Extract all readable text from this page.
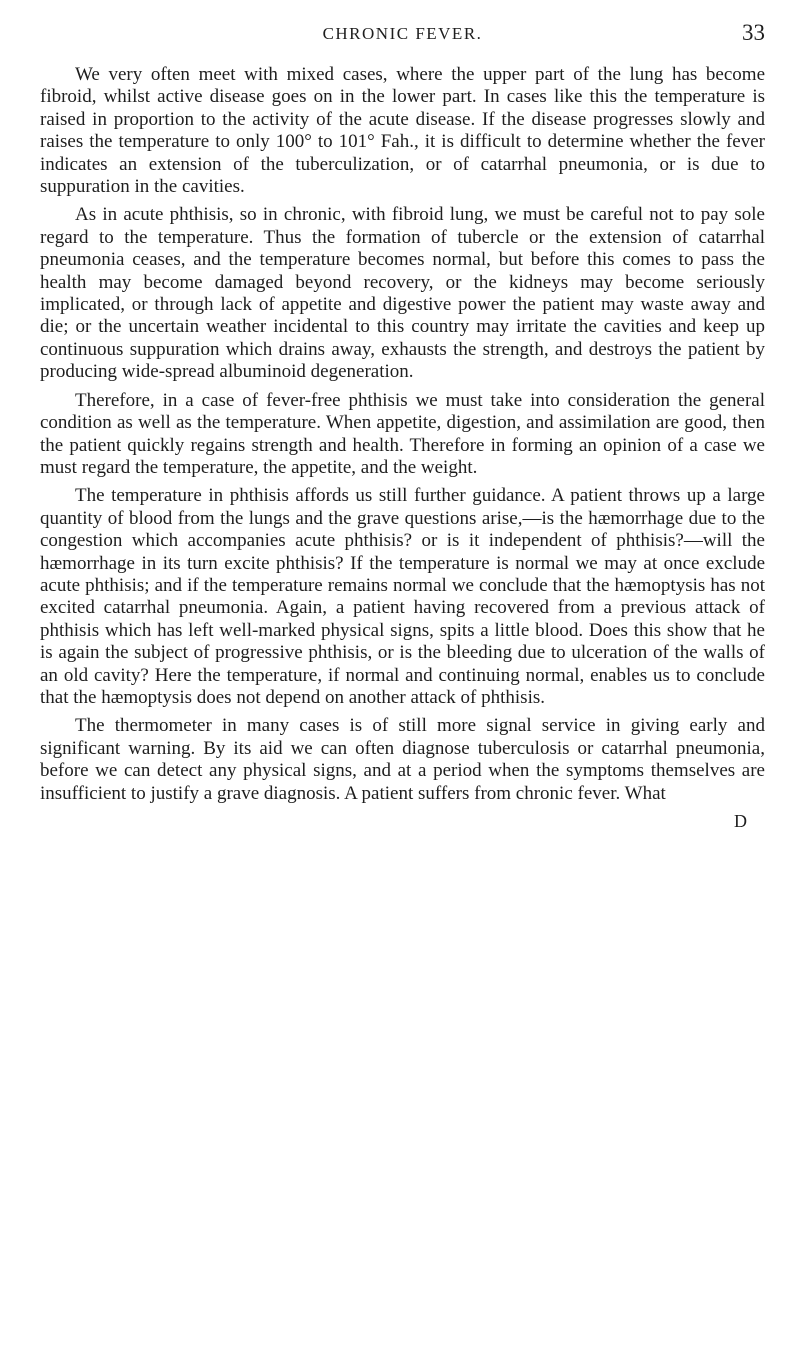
CHRONIC FEVER.	33

We very often meet with mixed cases, where the upper part of the lung has become fibroid, whilst active disease goes on in the lower part. In cases like this the temperature is raised in proportion to the activity of the acute disease. If the disease progresses slowly and raises the temperature to only 100° to 101° Fah., it is difficult to determine whether the fever indicates an extension of the tuberculization, or of catarrhal pneumonia, or is due to suppuration in the cavities.

As in acute phthisis, so in chronic, with fibroid lung, we must be careful not to pay sole regard to the temperature. Thus the formation of tubercle or the extension of catarrhal pneumonia ceases, and the temperature becomes normal, but before this comes to pass the health may become damaged beyond recovery, or the kidneys may become seriously implicated, or through lack of appetite and digestive power the patient may waste away and die; or the uncertain weather incidental to this country may irritate the cavities and keep up continuous suppuration which drains away, exhausts the strength, and destroys the patient by producing wide-spread albuminoid degeneration.

Therefore, in a case of fever-free phthisis we must take into consideration the general condition as well as the temperature. When appetite, digestion, and assimilation are good, then the patient quickly regains strength and health. Therefore in forming an opinion of a case we must regard the temperature, the appetite, and the weight.

The temperature in phthisis affords us still further guidance. A patient throws up a large quantity of blood from the lungs and the grave questions arise,—is the hæmorrhage due to the congestion which accompanies acute phthisis? or is it independent of phthisis?—will the hæmorrhage in its turn excite phthisis? If the temperature is normal we may at once exclude acute phthisis; and if the temperature remains normal we conclude that the hæmoptysis has not excited catarrhal pneumonia. Again, a patient having recovered from a previous attack of phthisis which has left well-marked physical signs, spits a little blood. Does this show that he is again the subject of progressive phthisis, or is the bleeding due to ulceration of the walls of an old cavity? Here the temperature, if normal and continuing normal, enables us to conclude that the hæmoptysis does not depend on another attack of phthisis.

The thermometer in many cases is of still more signal service in giving early and significant warning. By its aid we can often diagnose tuberculosis or catarrhal pneumonia, before we can detect any physical signs, and at a period when the symptoms themselves are insufficient to justify a grave diagnosis. A patient suffers from chronic fever. What

D
